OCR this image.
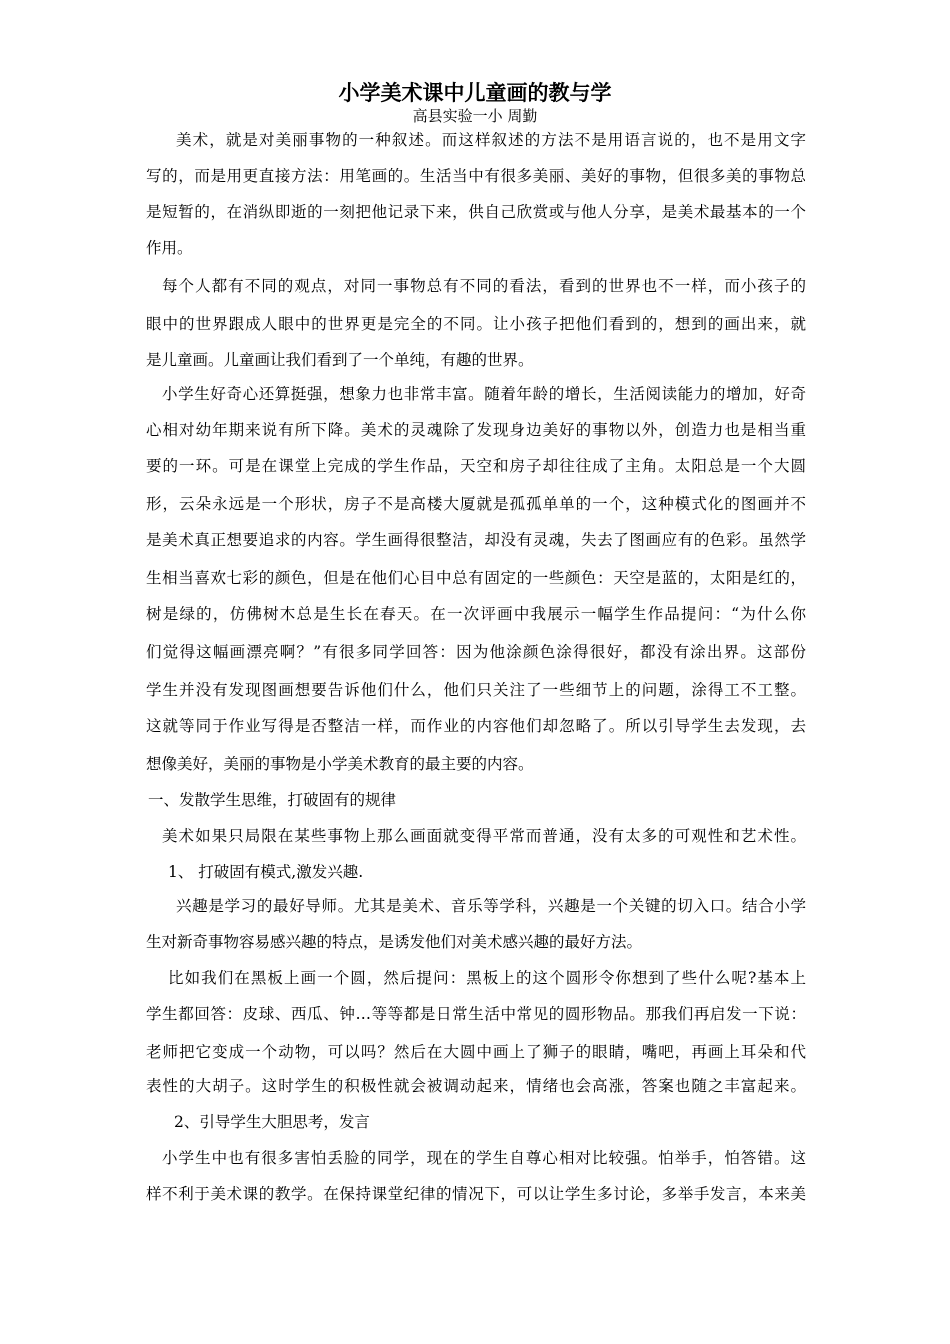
小学美术课中儿童画的教与学
高县实验一小 周勤
美术，就是对美丽事物的一种叙述。而这样叙述的方法不是用语言说的，也不是用文字
写的，而是用更直接方法：用笔画的。生活当中有很多美丽、美好的事物，但很多美的事物总
是短暂的，在消纵即逝的一刻把他记录下来，供自己欣赏或与他人分享，是美术最基本的一个
作用。
每个人都有不同的观点，对同一事物总有不同的看法，看到的世界也不一样，而小孩子的
眼中的世界跟成人眼中的世界更是完全的不同。让小孩子把他们看到的，想到的画出来，就
是儿童画。儿童画让我们看到了一个单纯，有趣的世界。
小学生好奇心还算挺强，想象力也非常丰富。随着年龄的增长，生活阅读能力的增加，好奇
心相对幼年期来说有所下降。美术的灵魂除了发现身边美好的事物以外，创造力也是相当重
要的一环。可是在课堂上完成的学生作品，天空和房子却往往成了主角。太阳总是一个大圆
形，云朵永远是一个形状，房子不是高楼大厦就是孤孤单单的一个，这种模式化的图画并不
是美术真正想要追求的内容。学生画得很整洁，却没有灵魂，失去了图画应有的色彩。虽然学
生相当喜欢七彩的颜色，但是在他们心目中总有固定的一些颜色：天空是蓝的，太阳是红的，
树是绿的，仿佛树木总是生长在春天。在一次评画中我展示一幅学生作品提问：“为什么你
们觉得这幅画漂亮啊？”有很多同学回答：因为他涂颜色涂得很好，都没有涂出界。这部份
学生并没有发现图画想要告诉他们什么，他们只关注了一些细节上的问题，涂得工不工整。
这就等同于作业写得是否整洁一样，而作业的内容他们却忽略了。所以引导学生去发现，去
想像美好，美丽的事物是小学美术教育的最主要的内容。
一、发散学生思维，打破固有的规律
美术如果只局限在某些事物上那么画面就变得平常而普通，没有太多的可观性和艺术性。
1、 打破固有模式,激发兴趣.
兴趣是学习的最好导师。尤其是美术、音乐等学科，兴趣是一个关键的切入口。结合小学
生对新奇事物容易感兴趣的特点，是诱发他们对美术感兴趣的最好方法。
比如我们在黑板上画一个圆，然后提问：黑板上的这个圆形令你想到了些什么呢?基本上
学生都回答：皮球、西瓜、钟…等等都是日常生活中常见的圆形物品。那我们再启发一下说：
老师把它变成一个动物，可以吗？然后在大圆中画上了狮子的眼睛，嘴吧，再画上耳朵和代
表性的大胡子。这时学生的积极性就会被调动起来，情绪也会高涨，答案也随之丰富起来。
2、引导学生大胆思考，发言
小学生中也有很多害怕丢脸的同学，现在的学生自尊心相对比较强。怕举手，怕答错。这
样不利于美术课的教学。在保持课堂纪律的情况下，可以让学生多讨论，多举手发言，本来美
